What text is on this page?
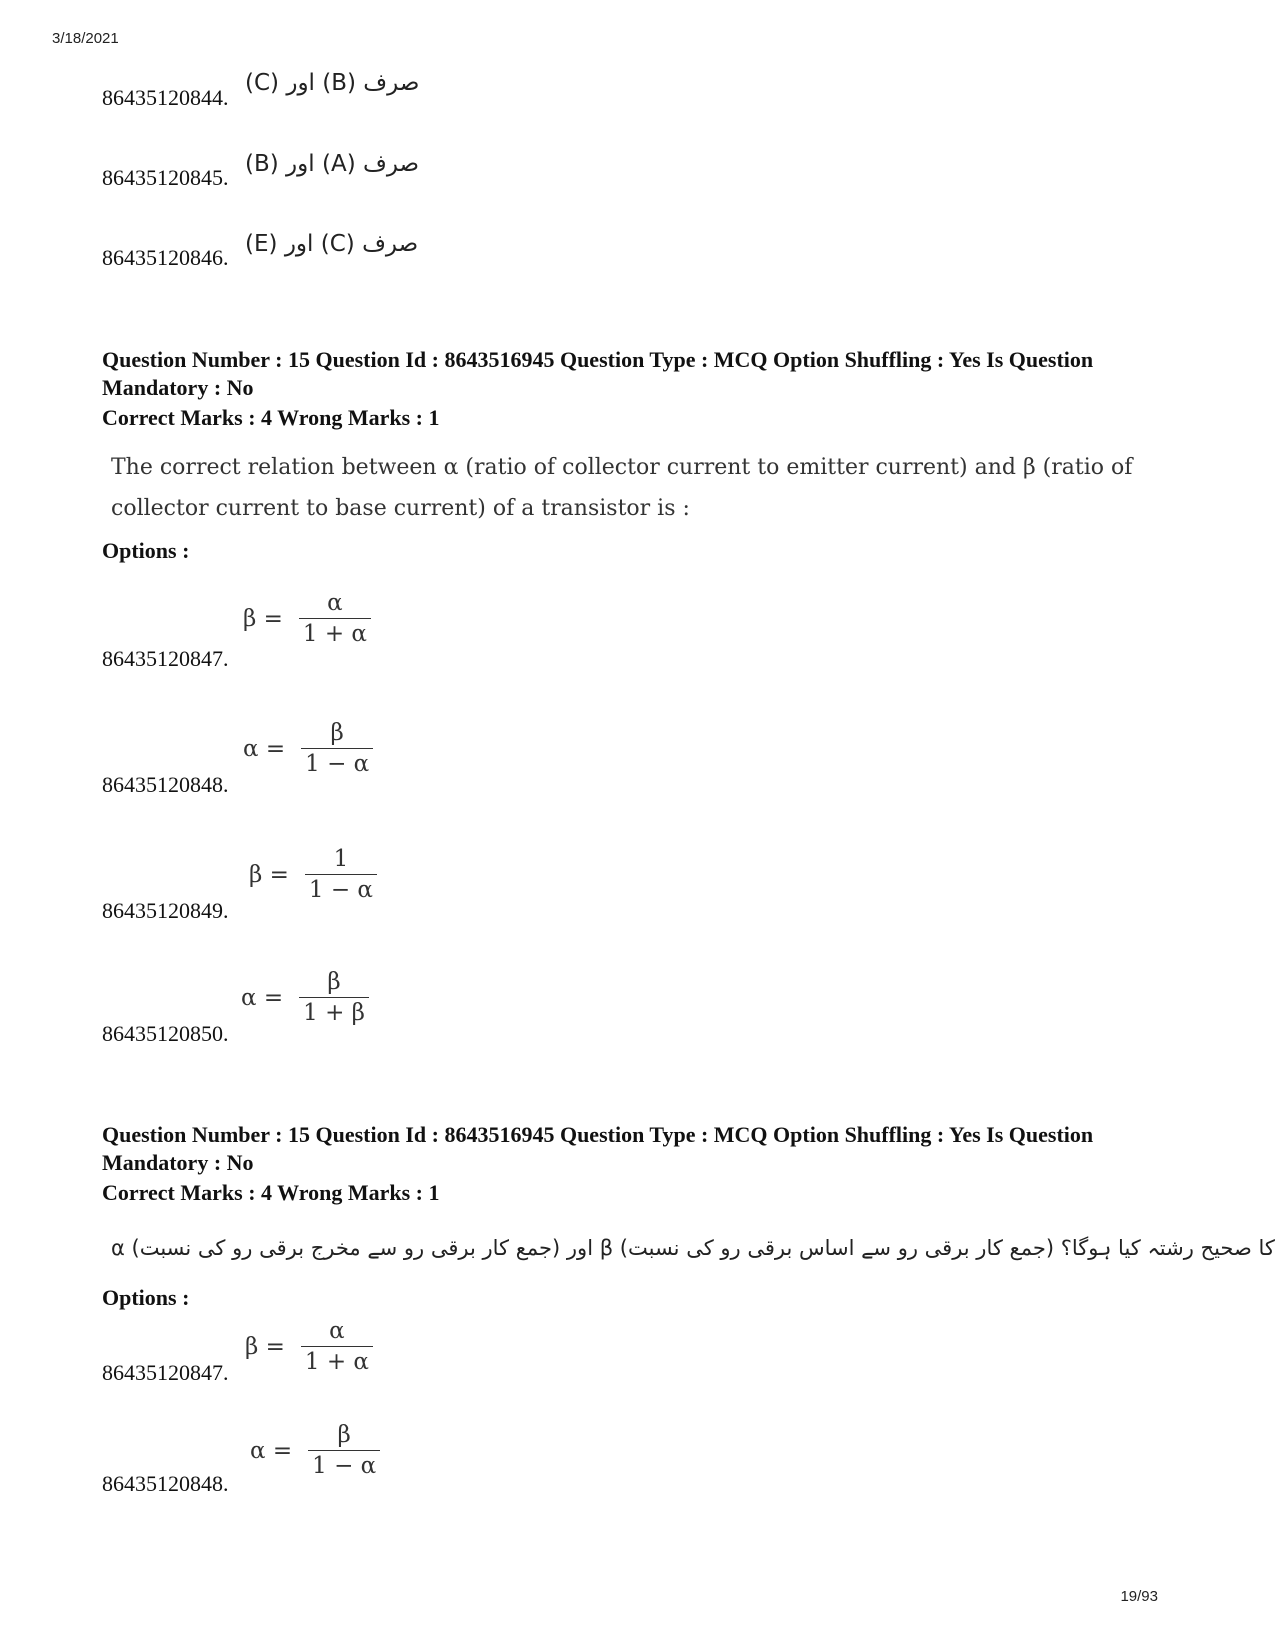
3/18/2021
86435120844.
صرف (B) اور (C)
86435120845.
صرف (A) اور (B)
86435120846.
صرف (C) اور (E)
Question Number : 15 Question Id : 8643516945 Question Type : MCQ Option Shuffling : Yes Is Question Mandatory : No
Correct Marks : 4 Wrong Marks : 1
The correct relation between α (ratio of collector current to emitter current) and β (ratio of collector current to base current) of a transistor is :
Options :
$\beta = \frac{\alpha}{1 + \alpha}$
86435120847.
$\alpha = \frac{\beta}{1 - \alpha}$
86435120848.
$\beta = \frac{1}{1 - \alpha}$
86435120849.
$\alpha = \frac{\beta}{1 + \beta}$
86435120850.
Question Number : 15 Question Id : 8643516945 Question Type : MCQ Option Shuffling : Yes Is Question Mandatory : No
Correct Marks : 4 Wrong Marks : 1
α (جمع کار برقی رو سے مخرج برقی رو کی نسبت) اور β (جمع کار برقی رو سے اساس برقی رو کی نسبت) کا صحیح رشتہ کیا ہوگا؟
Options :
$\beta = \frac{\alpha}{1 + \alpha}$
86435120847.
$\alpha = \frac{\beta}{1 - \alpha}$
86435120848.
19/93
